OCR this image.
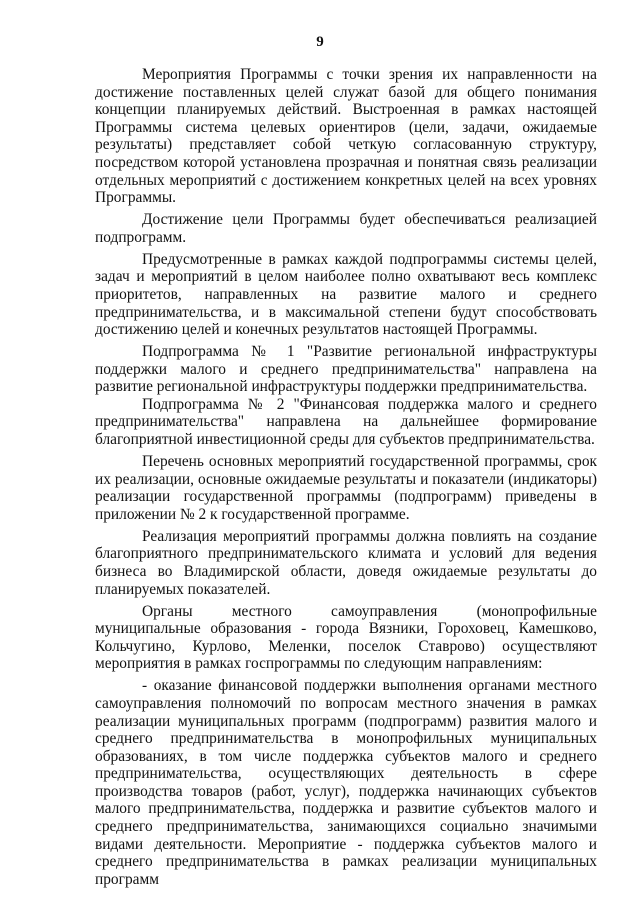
9

Мероприятия Программы с точки зрения их направленности на достижение поставленных целей служат базой для общего понимания концепции планируемых действий. Выстроенная в рамках настоящей Программы система целевых ориентиров (цели, задачи, ожидаемые результаты) представляет собой четкую согласованную структуру, посредством которой установлена прозрачная и понятная связь реализации отдельных мероприятий с достижением конкретных целей на всех уровнях Программы.

Достижение цели Программы будет обеспечиваться реализацией подпрограмм.

Предусмотренные в рамках каждой подпрограммы системы целей, задач и мероприятий в целом наиболее полно охватывают весь комплекс приоритетов, направленных на развитие малого и среднего предпринимательства, и в максимальной степени будут способствовать достижению целей и конечных результатов настоящей Программы.

Подпрограмма № 1 "Развитие региональной инфраструктуры поддержки малого и среднего предпринимательства" направлена на развитие региональной инфраструктуры поддержки предпринимательства.

Подпрограмма № 2 "Финансовая поддержка малого и среднего предпринимательства" направлена на дальнейшее формирование благоприятной инвестиционной среды для субъектов предпринимательства.

Перечень основных мероприятий государственной программы, срок их реализации, основные ожидаемые результаты и показатели (индикаторы) реализации государственной программы (подпрограмм) приведены в приложении № 2 к государственной программе.

Реализация мероприятий программы должна повлиять на создание благоприятного предпринимательского климата и условий для ведения бизнеса во Владимирской области, доведя ожидаемые результаты до планируемых показателей.

Органы местного самоуправления (монопрофильные муниципальные образования - города Вязники, Гороховец, Камешково, Кольчугино, Курлово, Меленки, поселок Ставрово) осуществляют мероприятия в рамках госпрограммы по следующим направлениям:

- оказание финансовой поддержки выполнения органами местного самоуправления полномочий по вопросам местного значения в рамках реализации муниципальных программ (подпрограмм) развития малого и среднего предпринимательства в монопрофильных муниципальных образованиях, в том числе поддержка субъектов малого и среднего предпринимательства, осуществляющих деятельность в сфере производства товаров (работ, услуг), поддержка начинающих субъектов малого предпринимательства, поддержка и развитие субъектов малого и среднего предпринимательства, занимающихся социально значимыми видами деятельности. Мероприятие - поддержка субъектов малого и среднего предпринимательства в рамках реализации муниципальных программ
